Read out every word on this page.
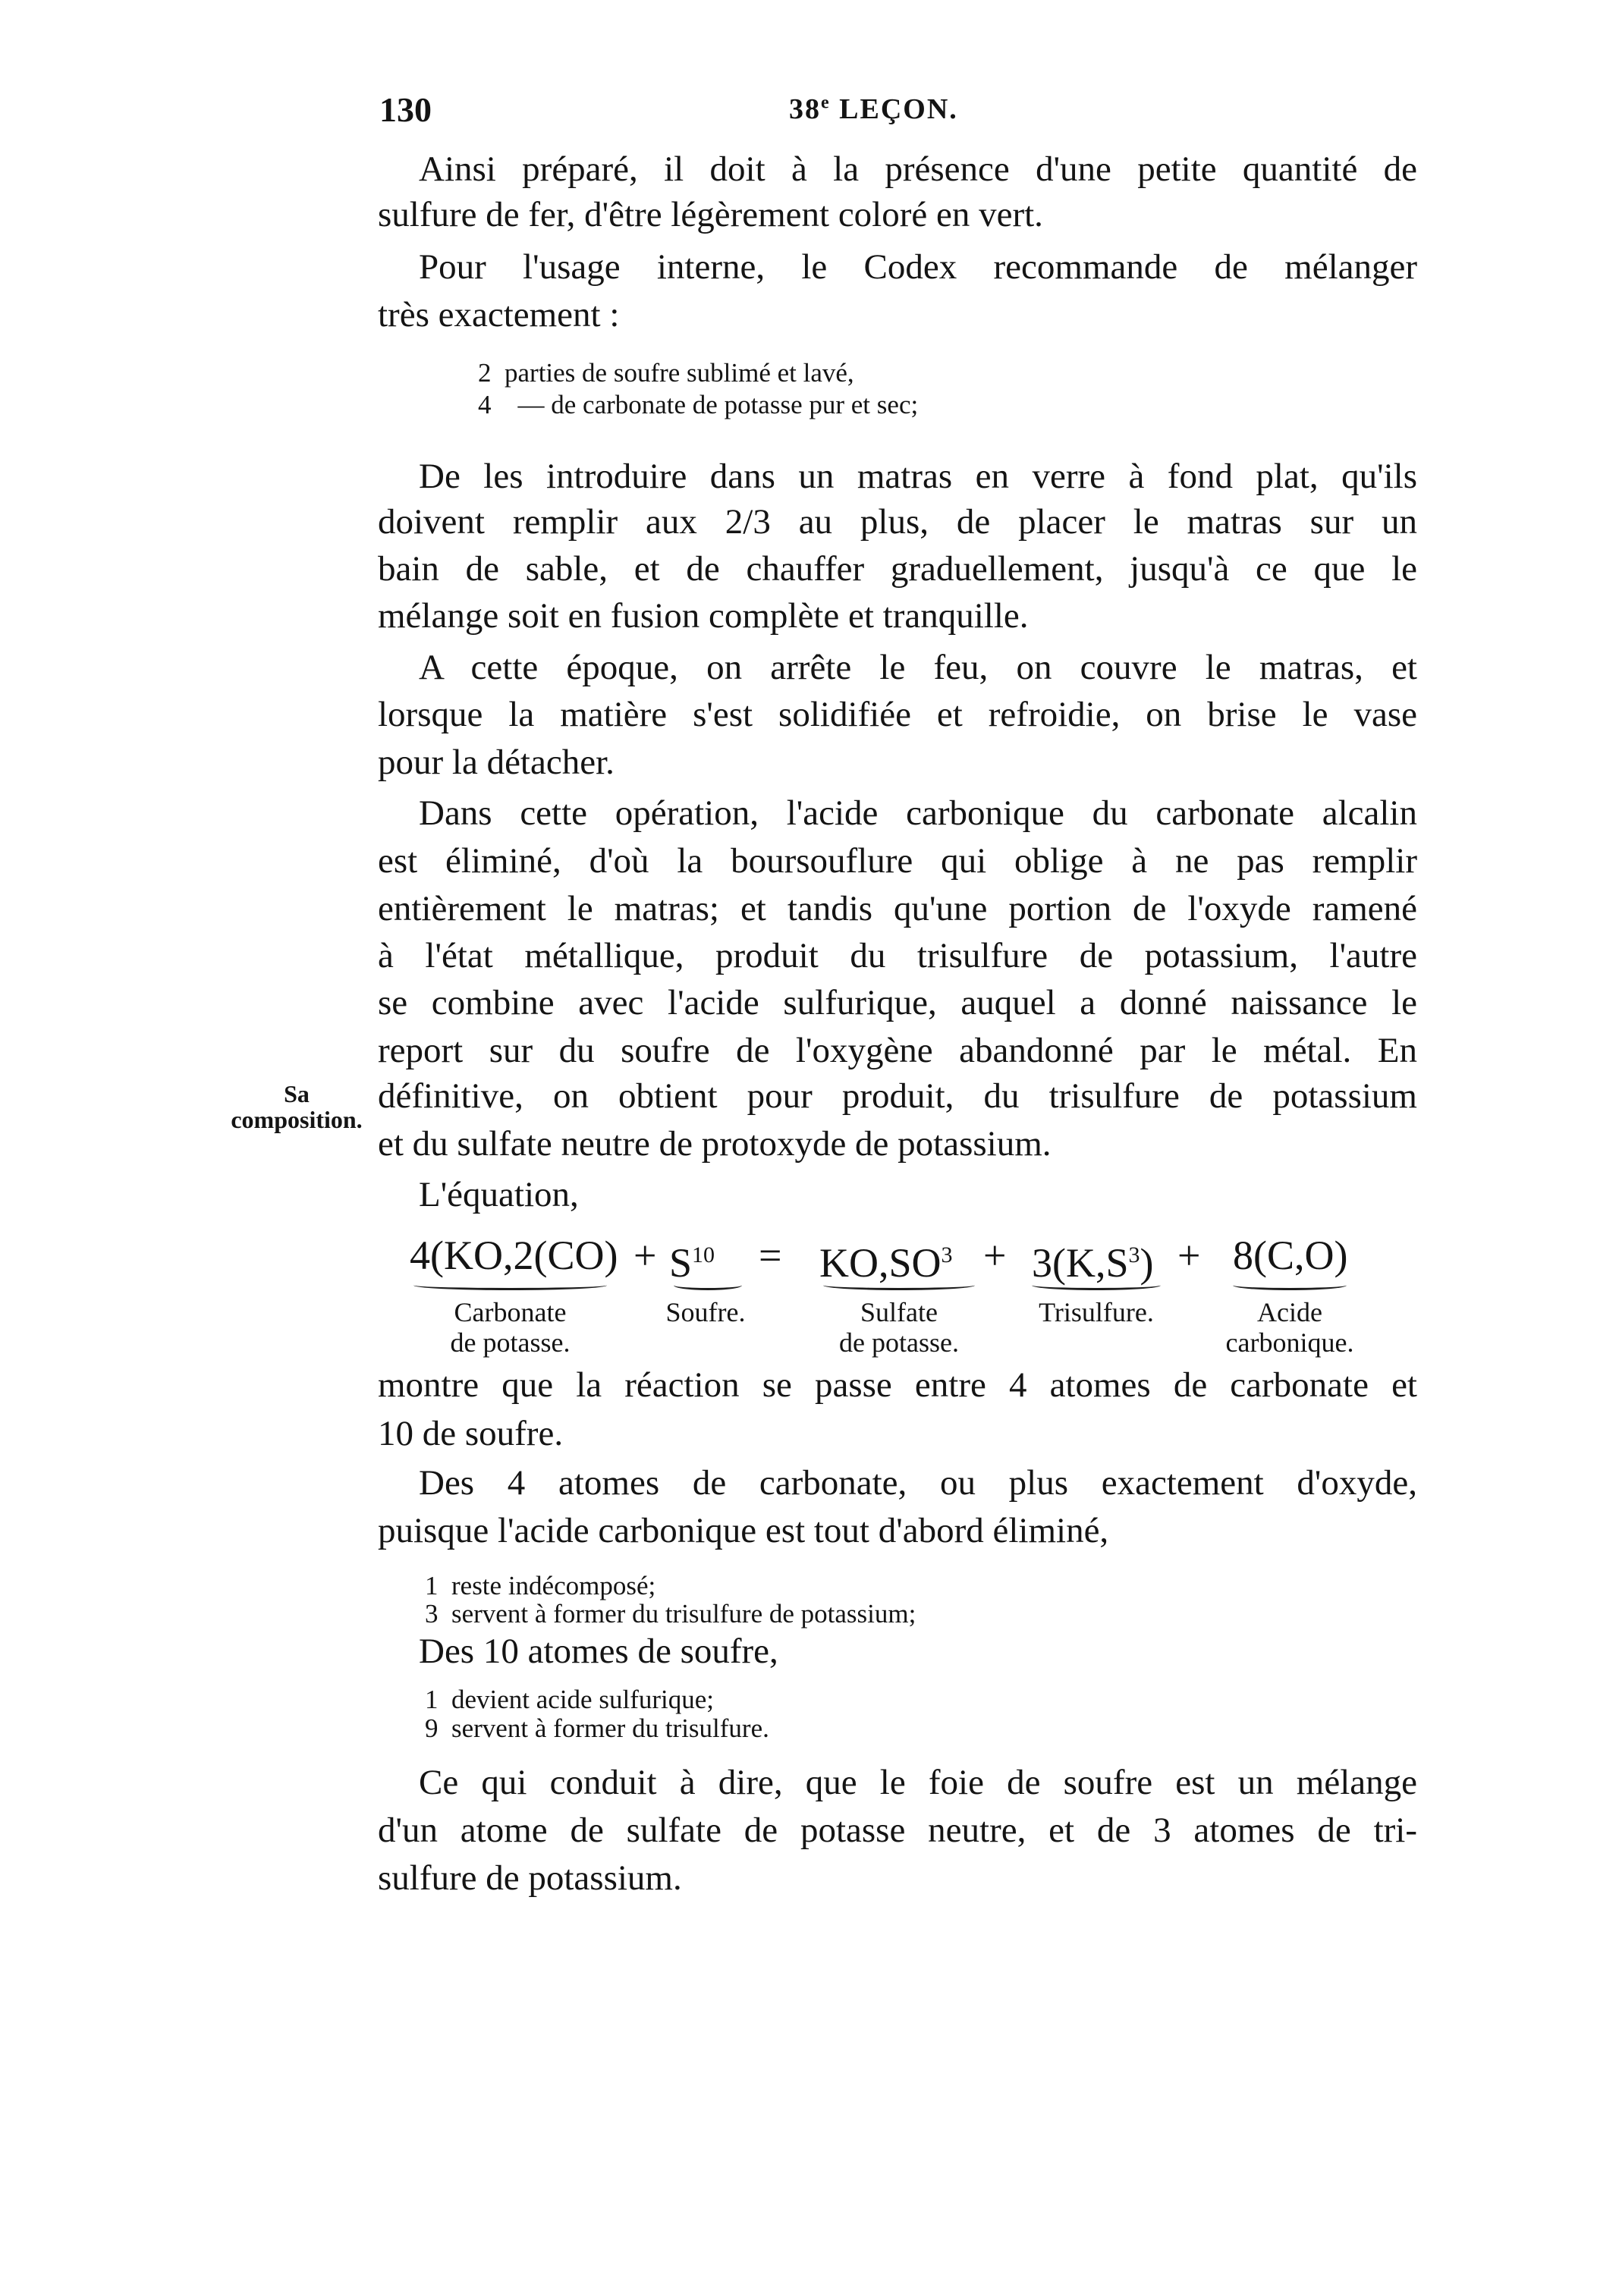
130	38e LEÇON.
Sa
composition.
Ainsi préparé, il doit à la présence d'une petite quantité de
sulfure de fer, d'être légèrement coloré en vert.
Pour l'usage interne, le Codex recommande de mélanger
très exactement :
2 parties de soufre sublimé et lavé,
4 — de carbonate de potasse pur et sec;
De les introduire dans un matras en verre à fond plat, qu'ils
doivent remplir aux 2/3 au plus, de placer le matras sur un
bain de sable, et de chauffer graduellement, jusqu'à ce que le
mélange soit en fusion complète et tranquille.
A cette époque, on arrête le feu, on couvre le matras, et
lorsque la matière s'est solidifiée et refroidie, on brise le vase
pour la détacher.
Dans cette opération, l'acide carbonique du carbonate alcalin
est éliminé, d'où la boursouflure qui oblige à ne pas remplir
entièrement le matras; et tandis qu'une portion de l'oxyde ramené
à l'état métallique, produit du trisulfure de potassium, l'autre
se combine avec l'acide sulfurique, auquel a donné naissance le
report sur du soufre de l'oxygène abandonné par le métal. En
définitive, on obtient pour produit, du trisulfure de potassium
et du sulfate neutre de protoxyde de potassium.
L'équation,
$4(KO,2(CO) + S^{10} = KO,SO^3 + 3(K,S^3) + 8(C,O)$
Carbonate
de potasse.
Soufre.	Sulfate
de potasse.
Trisulfure.	Acide
carbonique.
montre que la réaction se passe entre 4 atomes de carbonate et
10 de soufre.
Des 4 atomes de carbonate, ou plus exactement d'oxyde,
puisque l'acide carbonique est tout d'abord éliminé,
1 reste indécomposé;
3 servent à former du trisulfure de potassium;
Des 10 atomes de soufre,
1 devient acide sulfurique;
9 servent à former du trisulfure.
Ce qui conduit à dire, que le foie de soufre est un mélange
d'un atome de sulfate de potasse neutre, et de 3 atomes de tri-
sulfure de potassium.
